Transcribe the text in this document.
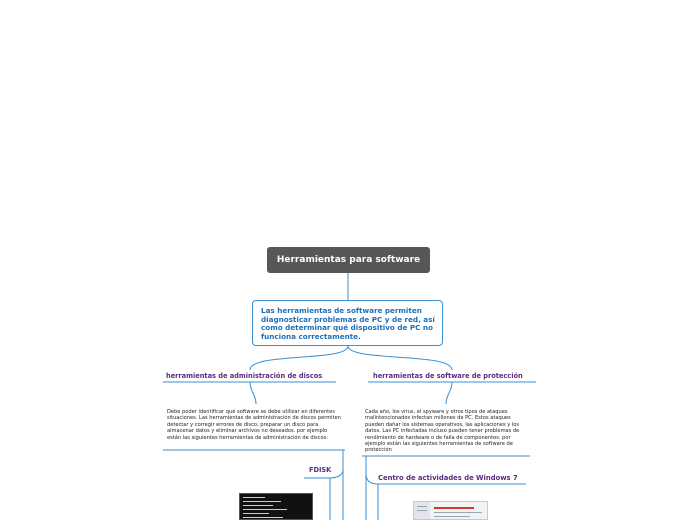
Herramientas para software
Las herramientas de software permiten diagnosticar problemas de PC y de red, así como determinar qué dispositivo de PC no funciona correctamente.
herramientas de administración de discos	herramientas de software de protección
Debe poder identificar qué software se debe utilizar en diferentes situaciones. Las herramientas de administración de discos permiten detectar y corregir errores de disco, preparar un disco para almacenar datos y eliminar archivos no deseados. por ejemplo están las siguientes herramientas de administración de discos:
Cada año, los virus, el spyware y otros tipos de ataques malintencionados infectan millones de PC. Estos ataques pueden dañar los sistemas operativos, las aplicaciones y los datos. Las PC infectadas incluso pueden tener problemas de rendimiento de hardware o de falla de componentes. por ejemplo están las siguientes herramientas de software de protección
FDISK
Centro de actividades de Windows 7
